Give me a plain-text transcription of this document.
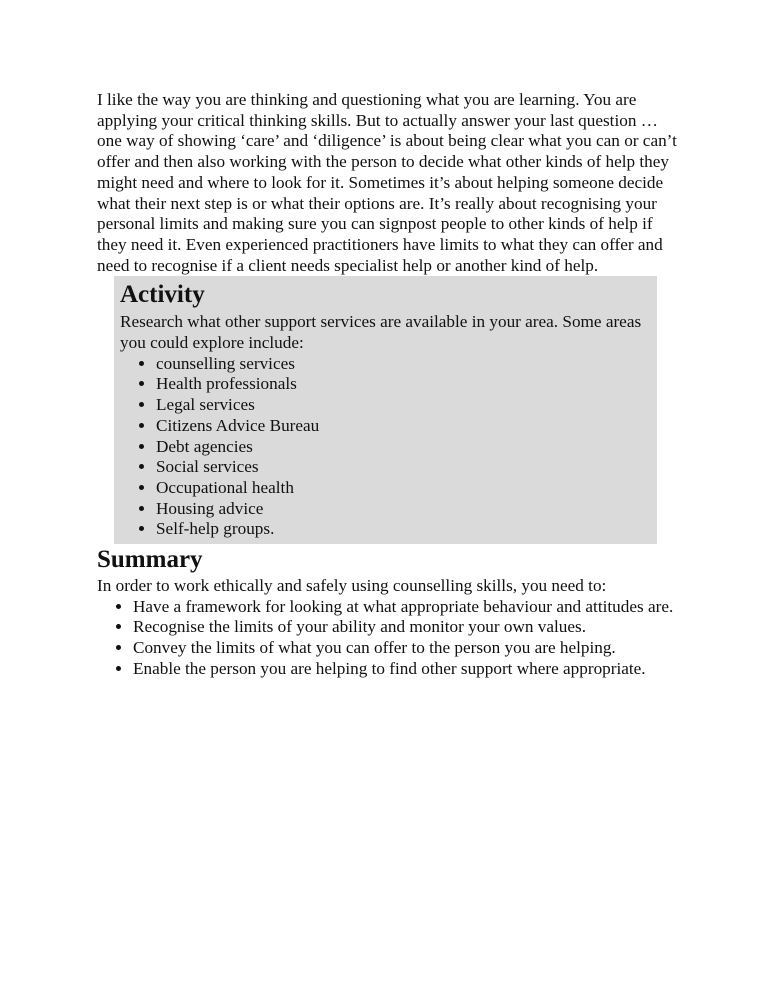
I like the way you are thinking and questioning what you are learning. You are applying your critical thinking skills. But to actually answer your last question … one way of showing ‘care’ and ‘diligence’ is about being clear what you can or can’t offer and then also working with the person to decide what other kinds of help they might need and where to look for it. Sometimes it’s about helping someone decide what their next step is or what their options are. It’s really about recognising your personal limits and making sure you can signpost people to other kinds of help if they need it. Even experienced practitioners have limits to what they can offer and need to recognise if a client needs specialist help or another kind of help.

Activity

Research what other support services are available in your area. Some areas you could explore include:

• counselling services
• Health professionals
• Legal services
• Citizens Advice Bureau
• Debt agencies
• Social services
• Occupational health
• Housing advice
• Self-help groups.
Summary

In order to work ethically and safely using counselling skills, you need to:

• Have a framework for looking at what appropriate behaviour and attitudes are.
• Recognise the limits of your ability and monitor your own values.
• Convey the limits of what you can offer to the person you are helping.
• Enable the person you are helping to find other support where appropriate.
